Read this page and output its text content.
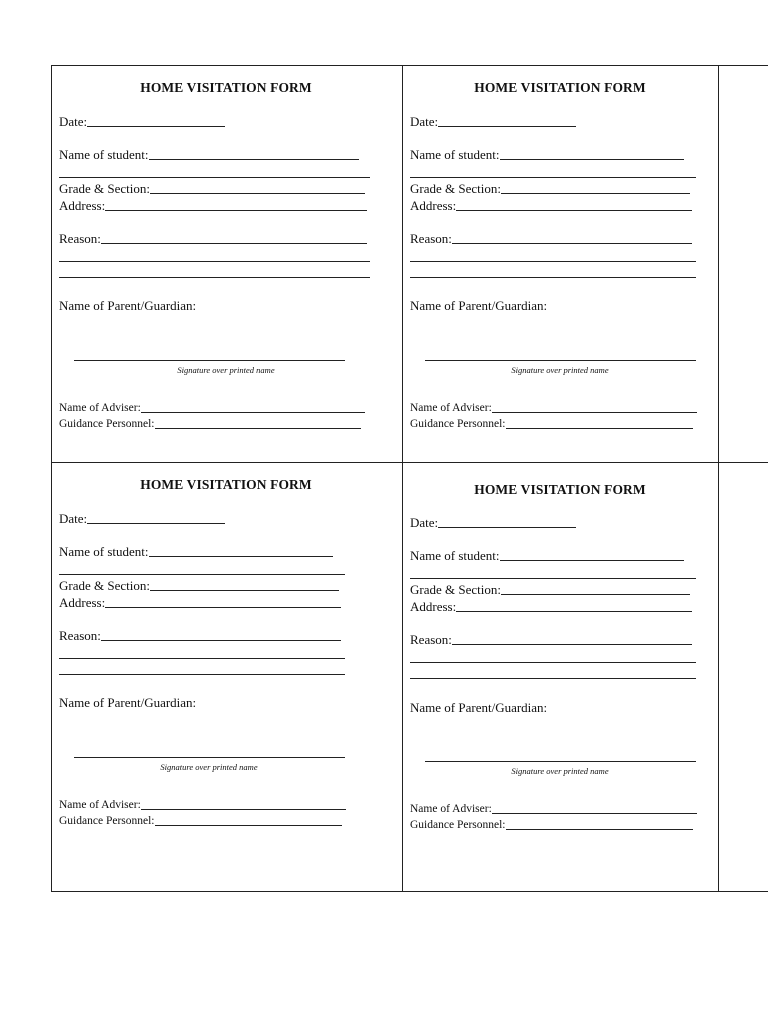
HOME VISITATION FORM
Date:
Name of student:
Grade & Section:
Address:
Reason:
Name of Parent/Guardian:
Signature over printed name
Name of Adviser:
Guidance Personnel:
HOME VISITATION FORM
Date:
Name of student:
Grade & Section:
Address:
Reason:
Name of Parent/Guardian:
Signature over printed name
Name of Adviser:
Guidance Personnel:
HOME VISITATION FORM
Date:
Name of student:
Grade & Section:
Address:
Reason:
Name of Parent/Guardian:
Signature over printed name
Name of Adviser:
Guidance Personnel:
HOME VISITATION FORM
Date:
Name of student:
Grade & Section:
Address:
Reason:
Name of Parent/Guardian:
Signature over printed name
Name of Adviser:
Guidance Personnel:
